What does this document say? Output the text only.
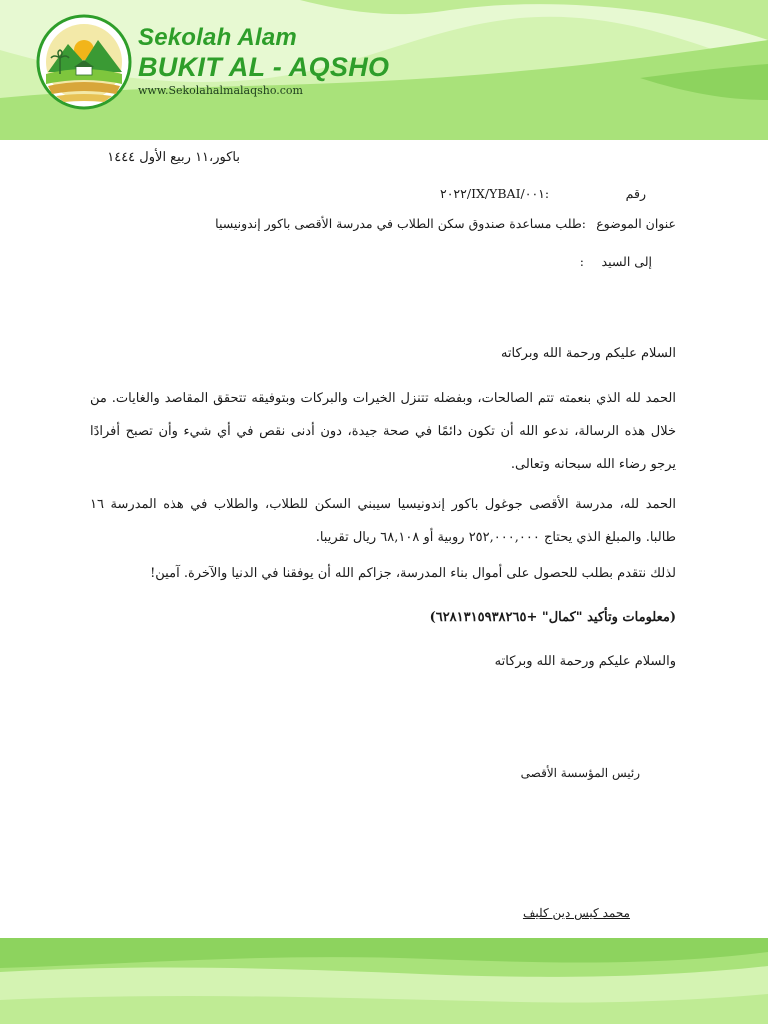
Sekolah Alam
BUKIT AL - AQSHO
www.Sekolahalmalaqsho.com
باكور،١١ ربيع الأول ١٤٤٤
رقم
٢٠٢٢/IX/YBAI/٠٠١:
عنوان الموضوع
:طلب مساعدة صندوق سكن الطلاب في مدرسة الأقصى باكور إندونيسيا
إلى السيد
:
السلام عليكم ورحمة الله وبركاته
الحمد لله الذي بنعمته تتم الصالحات، وبفضله تتنزل الخيرات والبركات وبتوفيقه تتحقق المقاصد والغايات. من خلال هذه الرسالة، ندعو الله أن تكون دائمًا في صحة جيدة، دون أدنى نقص في أي شيء وأن تصبح أفرادًا يرجو رضاء الله سبحانه وتعالى.
الحمد لله، مدرسة الأقصى جوغول باكور إندونيسيا سيبني السكن للطلاب، والطلاب في هذه المدرسة ١٦ طالبا. والمبلغ الذي يحتاج ٢٥٢,٠٠٠,٠٠٠ روبية أو ٦٨,١٠٨ ريال تقريبا.
لذلك نتقدم بطلب للحصول على أموال بناء المدرسة، جزاكم الله أن يوفقنا في الدنيا والآخرة. آمين!
(معلومات وتأكيد "كمال" +٦٢٨١٣١٥٩٣٨٢٦٥)
والسلام عليكم ورحمة الله وبركاته
رئيس المؤسسة الأقصى
محمد كيس دين كليف
